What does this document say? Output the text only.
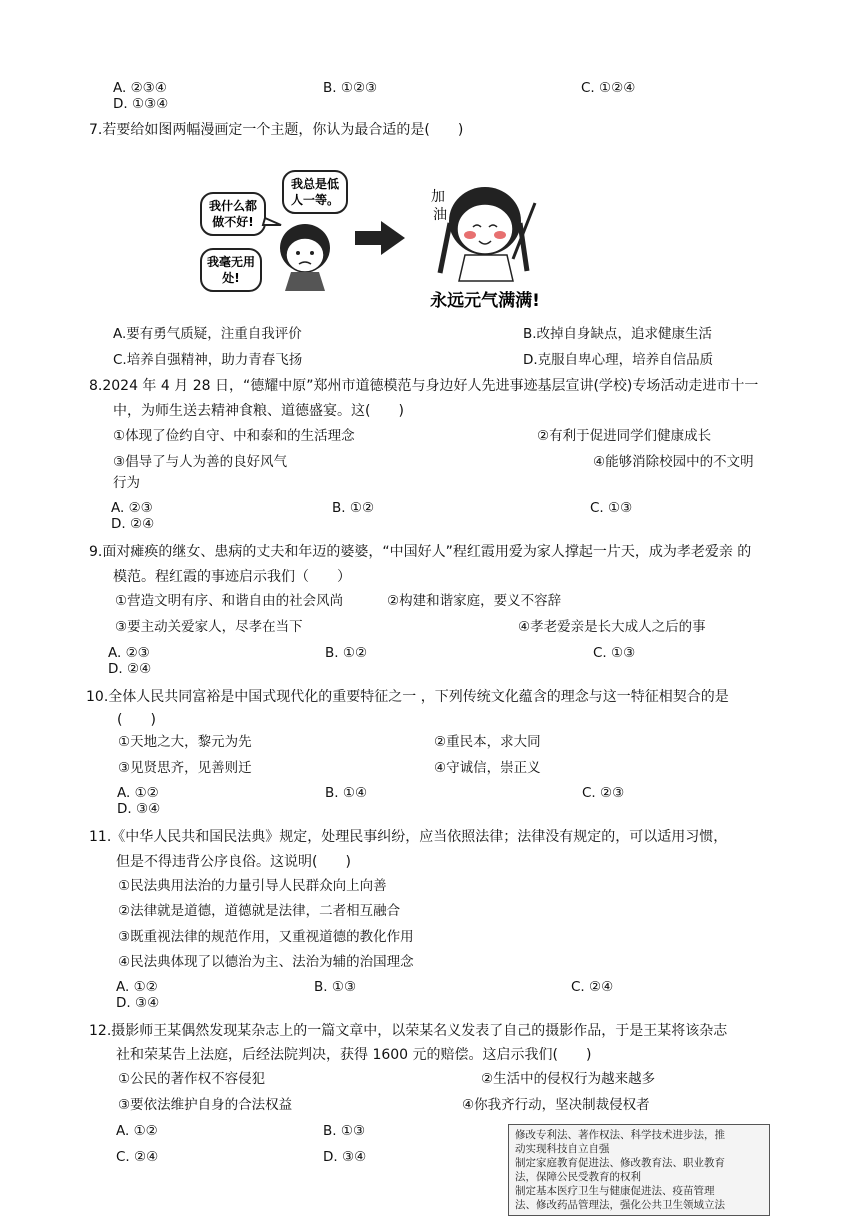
A. ②③④	B. ①②③	C. ①②④
D. ①③④
7.若要给如图两幅漫画定一个主题，你认为最合适的是(　　)
我什么都
做不好!
我总是低
人一等。
我毫无用
处!
加
油
永远元气满满!
A.要有勇气质疑，注重自我评价	B.改掉自身缺点，追求健康生活
C.培养自强精神，助力青春飞扬	D.克服自卑心理，培养自信品质
8.2024 年 4 月 28 日，“德耀中原”郑州市道德模范与身边好人先进事迹基层宣讲(学校)专场活动走进市十一
中，为师生送去精神食粮、道德盛宴。这(　　)
①体现了俭约自守、中和泰和的生活理念	②有利于促进同学们健康成长
③倡导了与人为善的良好风气	④能够消除校园中的不文明
行为
A. ②③	B. ①②	C. ①③
D. ②④
9.面对瘫痪的继女、患病的丈夫和年迈的婆婆，“中国好人”程红霞用爱为家人撑起一片天，成为孝老爱亲 的
模范。程红霞的事迹启示我们（　　）
①营造文明有序、和谐自由的社会风尚	②构建和谐家庭，要义不容辞
③要主动关爱家人，尽孝在当下	④孝老爱亲是长大成人之后的事
A. ②③	B. ①②	C. ①③
D. ②④
10.全体人民共同富裕是中国式现代化的重要特征之一 ，下列传统文化蕴含的理念与这一特征相契合的是
(　　)
①天地之大，黎元为先	②重民本，求大同
③见贤思齐，见善则迁	④守诚信，崇正义
A. ①②	B. ①④	C. ②③
D. ③④
11.《中华人民共和国民法典》规定，处理民事纠纷，应当依照法律；法律没有规定的，可以适用习惯，
但是不得违背公序良俗。这说明(　　)
①民法典用法治的力量引导人民群众向上向善
②法律就是道德，道德就是法律，二者相互融合
③既重视法律的规范作用，又重视道德的教化作用
④民法典体现了以德治为主、法治为辅的治国理念
A. ①②	B. ①③	C. ②④
D. ③④
12.摄影师王某偶然发现某杂志上的一篇文章中，以荣某名义发表了自己的摄影作品，于是王某将该杂志
社和荣某告上法庭，后经法院判决，获得 1600 元的赔偿。这启示我们(　　)
①公民的著作权不容侵犯	②生活中的侵权行为越来越多
③要依法维护自身的合法权益	④你我齐行动，坚决制裁侵权者
A. ①②	B. ①③
C. ②④	D. ③④
修改专利法、著作权法、科学技术进步法，推
动实现科技自立自强
制定家庭教育促进法、修改教育法、职业教育
法，保障公民受教育的权利
制定基本医疗卫生与健康促进法、疫苗管理
法、修改药品管理法，强化公共卫生领域立法
